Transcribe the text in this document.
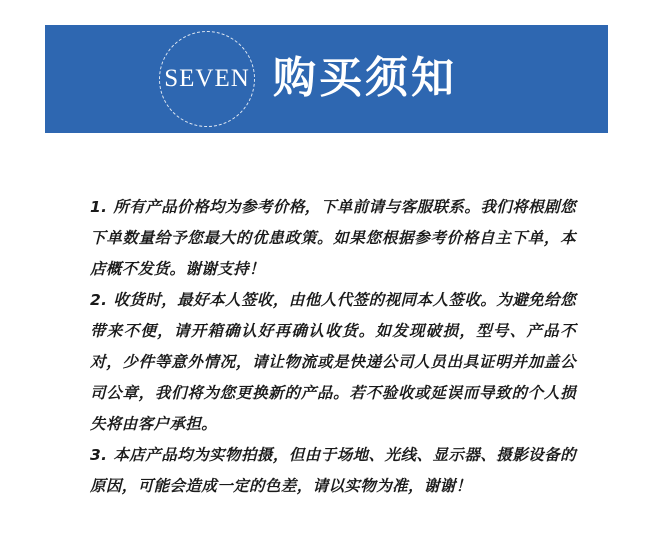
SEVEN 购买须知

1. 所有产品价格均为参考价格，下单前请与客服联系。我们将根剧您下单数量给予您最大的优患政策。如果您根据参考价格自主下单，本店概不发货。谢谢支持！

2. 收货时，最好本人签收，由他人代签的视同本人签收。为避免给您带来不便，请开箱确认好再确认收货。如发现破损，型号、产品不对，少件等意外情况，请让物流或是快递公司人员出具证明并加盖公司公章，我们将为您更换新的产品。若不验收或延误而导致的个人损失将由客户承担。

3. 本店产品均为实物拍摄，但由于场地、光线、显示器、摄影设备的原因，可能会造成一定的色差，请以实物为准，谢谢！
